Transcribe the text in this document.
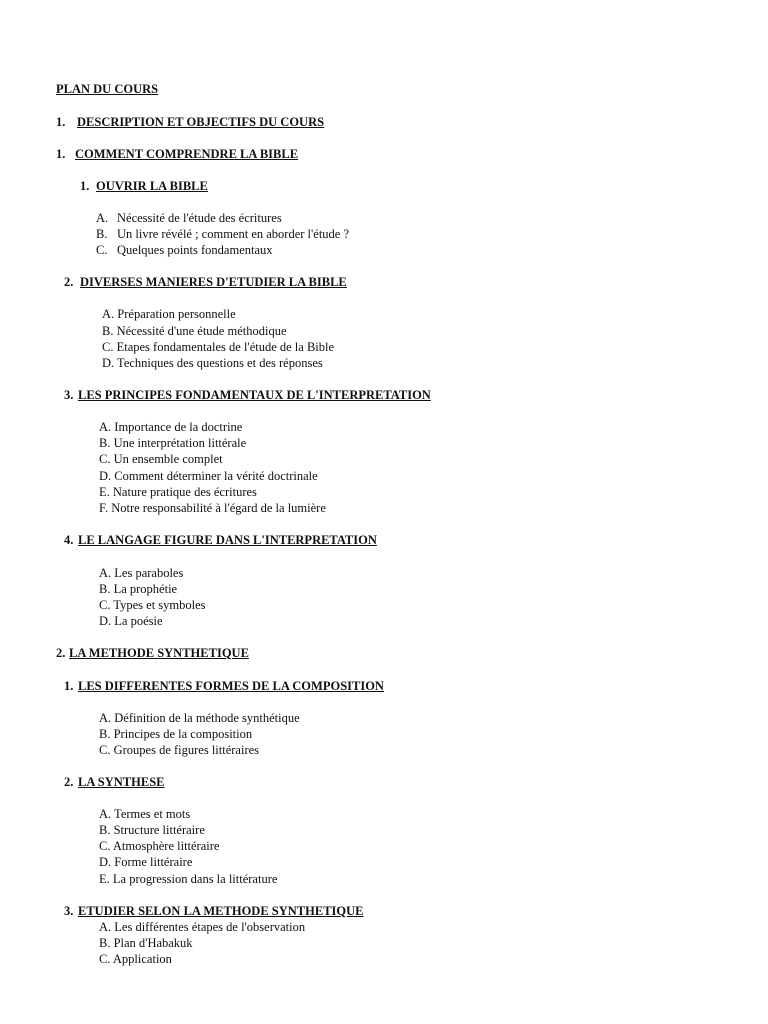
PLAN DU COURS
1. DESCRIPTION ET OBJECTIFS DU COURS
1. COMMENT COMPRENDRE LA BIBLE
1. OUVRIR LA BIBLE
A. Nécessité de l'étude des écritures
B. Un livre révélé ; comment en aborder l'étude ?
C. Quelques points fondamentaux
2. DIVERSES MANIERES D'ETUDIER LA BIBLE
A. Préparation personnelle
B. Nécessité d'une étude méthodique
C. Etapes fondamentales de l'étude de la Bible
D. Techniques des questions et des réponses
3. LES PRINCIPES FONDAMENTAUX DE L'INTERPRETATION
A. Importance de la doctrine
B. Une interprétation littérale
C. Un ensemble complet
D. Comment déterminer la vérité doctrinale
E. Nature pratique des écritures
F. Notre responsabilité à l'égard de la lumière
4. LE LANGAGE FIGURE DANS L'INTERPRETATION
A. Les paraboles
B. La prophétie
C. Types et symboles
D. La poésie
2. LA METHODE SYNTHETIQUE
1. LES DIFFERENTES FORMES DE LA COMPOSITION
A. Définition de la méthode synthétique
B. Principes de la composition
C. Groupes de figures littéraires
2. LA SYNTHESE
A. Termes et mots
B. Structure littéraire
C. Atmosphère littéraire
D. Forme littéraire
E. La progression dans la littérature
3. ETUDIER SELON LA METHODE SYNTHETIQUE
A. Les différentes étapes de l'observation
B. Plan d'Habakuk
C. Application
